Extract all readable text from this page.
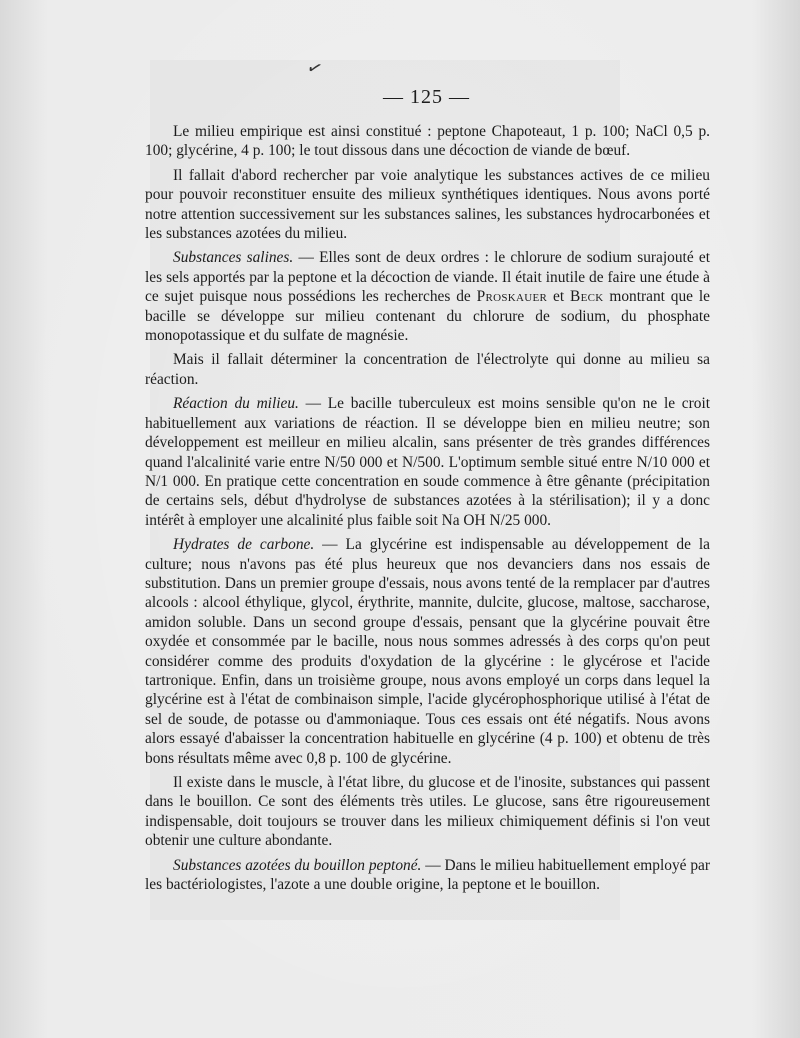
✓
— 125 —

Le milieu empirique est ainsi constitué : peptone Chapoteaut, 1 p. 100; NaCl 0,5 p. 100; glycérine, 4 p. 100; le tout dissous dans une décoction de viande de bœuf.

Il fallait d'abord rechercher par voie analytique les substances actives de ce milieu pour pouvoir reconstituer ensuite des milieux synthétiques identiques. Nous avons porté notre attention successivement sur les substances salines, les substances hydrocarbonées et les substances azotées du milieu.

Substances salines. — Elles sont de deux ordres : le chlorure de sodium surajouté et les sels apportés par la peptone et la décoction de viande. Il était inutile de faire une étude à ce sujet puisque nous possédions les recherches de Proskauer et Beck montrant que le bacille se développe sur milieu contenant du chlorure de sodium, du phosphate monopotassique et du sulfate de magnésie.

Mais il fallait déterminer la concentration de l'électrolyte qui donne au milieu sa réaction.

Réaction du milieu. — Le bacille tuberculeux est moins sensible qu'on ne le croit habituellement aux variations de réaction. Il se développe bien en milieu neutre; son développement est meilleur en milieu alcalin, sans présenter de très grandes différences quand l'alcalinité varie entre N/50 000 et N/500. L'optimum semble situé entre N/10 000 et N/1 000. En pratique cette concentration en soude commence à être gênante (précipitation de certains sels, début d'hydrolyse de substances azotées à la stérilisation); il y a donc intérêt à employer une alcalinité plus faible soit Na OH N/25 000.

Hydrates de carbone. — La glycérine est indispensable au développement de la culture; nous n'avons pas été plus heureux que nos devanciers dans nos essais de substitution. Dans un premier groupe d'essais, nous avons tenté de la remplacer par d'autres alcools : alcool éthylique, glycol, érythrite, mannite, dulcite, glucose, maltose, saccharose, amidon soluble. Dans un second groupe d'essais, pensant que la glycérine pouvait être oxydée et consommée par le bacille, nous nous sommes adressés à des corps qu'on peut considérer comme des produits d'oxydation de la glycérine : le glycérose et l'acide tartronique. Enfin, dans un troisième groupe, nous avons employé un corps dans lequel la glycérine est à l'état de combinaison simple, l'acide glycérophosphorique utilisé à l'état de sel de soude, de potasse ou d'ammoniaque. Tous ces essais ont été négatifs. Nous avons alors essayé d'abaisser la concentration habituelle en glycérine (4 p. 100) et obtenu de très bons résultats même avec 0,8 p. 100 de glycérine.

Il existe dans le muscle, à l'état libre, du glucose et de l'inosite, substances qui passent dans le bouillon. Ce sont des éléments très utiles. Le glucose, sans être rigoureusement indispensable, doit toujours se trouver dans les milieux chimiquement définis si l'on veut obtenir une culture abondante.

Substances azotées du bouillon peptoné. — Dans le milieu habituellement employé par les bactériologistes, l'azote a une double origine, la peptone et le bouillon.
